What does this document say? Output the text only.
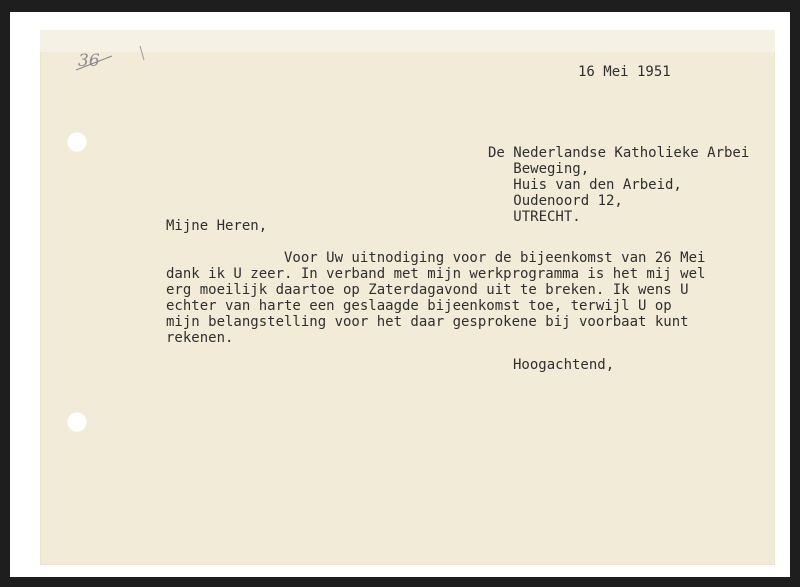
36

16 Mei 1951

De Nederlandse Katholieke Arbei
Beweging,
Huis van den Arbeid,
Oudenoord 12,
UTRECHT.

Mijne Heren,

Voor Uw uitnodiging voor de bijeenkomst van 26 Mei
dank ik U zeer. In verband met mijn werkprogramma is het mij wel
erg moeilijk daartoe op Zaterdagavond uit te breken. Ik wens U
echter van harte een geslaagde bijeenkomst toe, terwijl U op
mijn belangstelling voor het daar gesprokene bij voorbaat kunt
rekenen.

Hoogachtend,
